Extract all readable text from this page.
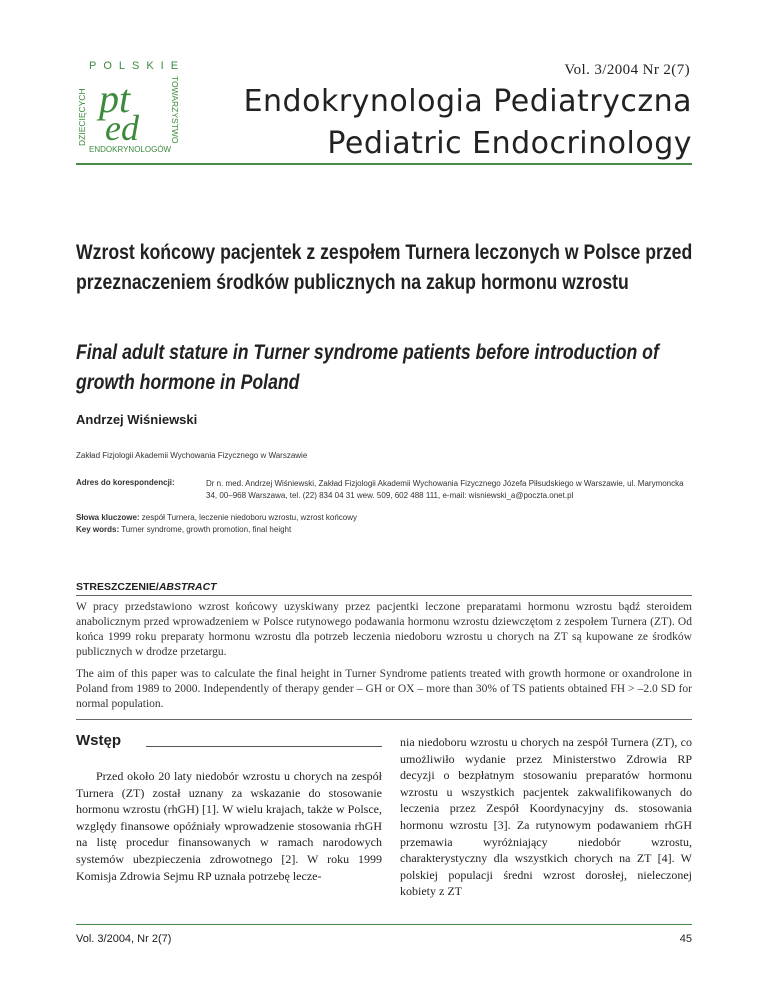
POLSKIE
DZIECIĘCYCH	TOWARZYSTWO
pt
ed
ENDOKRYNOLOGÓW
Vol. 3/2004 Nr 2(7)
Endokrynologia Pediatryczna
Pediatric Endocrinology
Wzrost końcowy pacjentek z zespołem Turnera leczonych w Polsce przed przeznaczeniem środków publicznych na zakup hormonu wzrostu
Final adult stature in Turner syndrome patients before introduction of growth hormone in Poland
Andrzej Wiśniewski
Zakład Fizjologii Akademii Wychowania Fizycznego w Warszawie
Adres do korespondencji:	Dr n. med. Andrzej Wiśniewski, Zakład Fizjologii Akademii Wychowania Fizycznego Józefa Piłsudskiego w Warszawie, ul. Marymoncka 34, 00–968 Warszawa, tel. (22) 834 04 31 wew. 509, 602 488 111, e-mail: wisniewski_a@poczta.onet.pl
Słowa kluczowe: zespół Turnera, leczenie niedoboru wzrostu, wzrost końcowy
Key words: Turner syndrome, growth promotion, final height
STRESZCZENIE/ABSTRACT
W pracy przedstawiono wzrost końcowy uzyskiwany przez pacjentki leczone preparatami hormonu wzrostu bądź steroidem anabolicznym przed wprowadzeniem w Polsce rutynowego podawania hormonu wzrostu dziewczętom z zespołem Turnera (ZT). Od końca 1999 roku preparaty hormonu wzrostu dla potrzeb leczenia niedoboru wzrostu u chorych na ZT są kupowane ze środków publicznych w drodze przetargu.
The aim of this paper was to calculate the final height in Turner Syndrome patients treated with growth hormone or oxandrolone in Poland from 1989 to 2000. Independently of therapy gender – GH or OX – more than 30% of TS patients obtained FH > –2.0 SD for normal population.
Wstęp
Przed około 20 laty niedobór wzrostu u chorych na zespół Turnera (ZT) został uznany za wskazanie do stosowanie hormonu wzrostu (rhGH) [1]. W wielu krajach, także w Polsce, względy finansowe opóźniały wprowadzenie stosowania rhGH na listę procedur finansowanych w ramach narodowych systemów ubezpieczenia zdrowotnego [2]. W roku 1999 Komisja Zdrowia Sejmu RP uznała potrzebę lecze-
nia niedoboru wzrostu u chorych na zespół Turnera (ZT), co umożliwiło wydanie przez Ministerstwo Zdrowia RP decyzji o bezpłatnym stosowaniu preparatów hormonu wzrostu u wszystkich pacjentek zakwalifikowanych do leczenia przez Zespół Koordynacyjny ds. stosowania hormonu wzrostu [3]. Za rutynowym podawaniem rhGH przemawia wyróżniający niedobór wzrostu, charakterystyczny dla wszystkich chorych na ZT [4]. W polskiej populacji średni wzrost dorosłej, nieleczonej kobiety z ZT
Vol. 3/2004, Nr 2(7)	45
